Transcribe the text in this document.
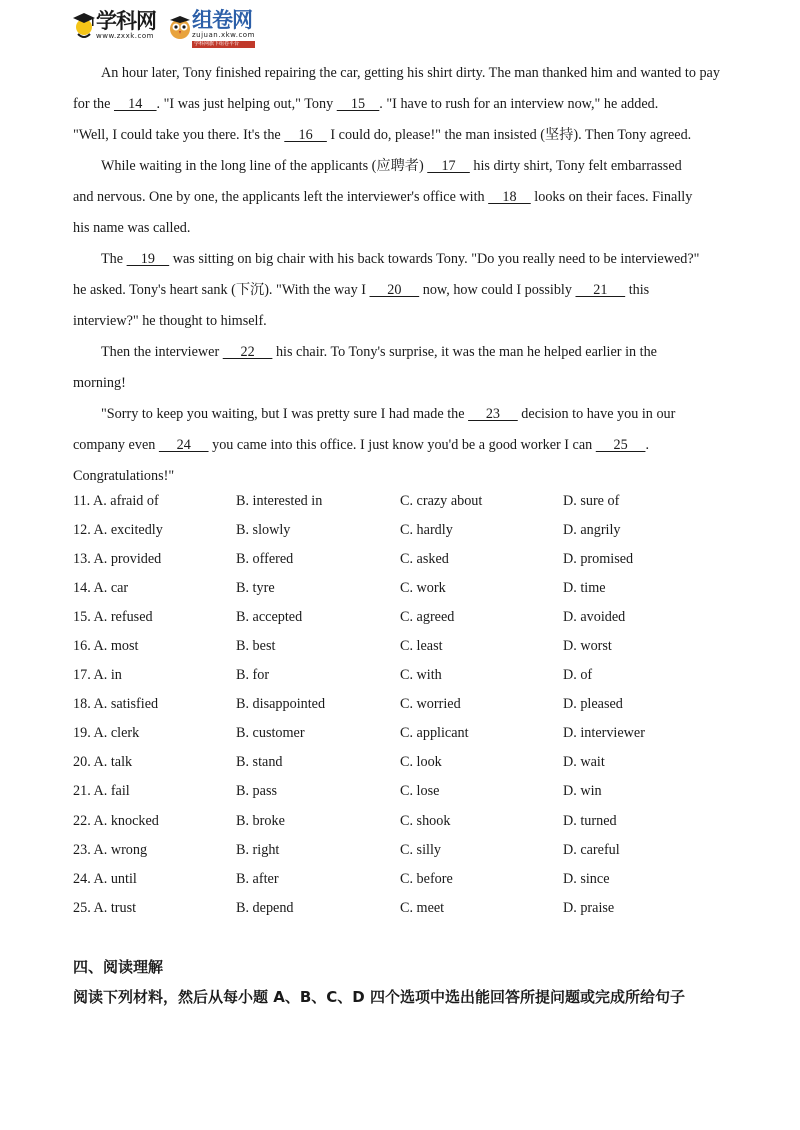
学科网
www.zxxk.com
组卷网
zujuan.xkw.com
学科网旗下组卷平台
An hour later, Tony finished repairing the car, getting his shirt dirty. The man thanked him and wanted to pay
for the     14    . "I was just helping out," Tony     15    . "I have to rush for an interview now," he added.
"Well, I could take you there. It's the     16     I could do, please!" the man insisted (坚持). Then Tony agreed.
While waiting in the long line of the applicants (应聘者)     17     his dirty shirt, Tony felt embarrassed
and nervous. One by one, the applicants left the interviewer's office with     18     looks on their faces. Finally
his name was called.
The     19     was sitting on big chair with his back towards Tony. "Do you really need to be interviewed?"
he asked. Tony's heart sank (下沉). "With the way I      20      now, how could I possibly      21      this
interview?" he thought to himself.
Then the interviewer      22      his chair. To Tony's surprise, it was the man he helped earlier in the
morning!
"Sorry to keep you waiting, but I was pretty sure I had made the      23      decision to have you in our
company even      24      you came into this office. I just know you'd be a good worker I can      25     .
Congratulations!"
11. A. afraid of	B. interested in	C. crazy about	D. sure of
12. A. excitedly	B. slowly	C. hardly	D. angrily
13. A. provided	B. offered	C. asked	D. promised
14. A. car	B. tyre	C. work	D. time
15. A. refused	B. accepted	C. agreed	D. avoided
16. A. most	B. best	C. least	D. worst
17. A. in	B. for	C. with	D. of
18. A. satisfied	B. disappointed	C. worried	D. pleased
19. A. clerk	B. customer	C. applicant	D. interviewer
20. A. talk	B. stand	C. look	D. wait
21. A. fail	B. pass	C. lose	D. win
22. A. knocked	B. broke	C. shook	D. turned
23. A. wrong	B. right	C. silly	D. careful
24. A. until	B. after	C. before	D. since
25. A. trust	B. depend	C. meet	D. praise
四、阅读理解
阅读下列材料，然后从每小题 A、B、C、D 四个选项中选出能回答所提问题或完成所给句子
